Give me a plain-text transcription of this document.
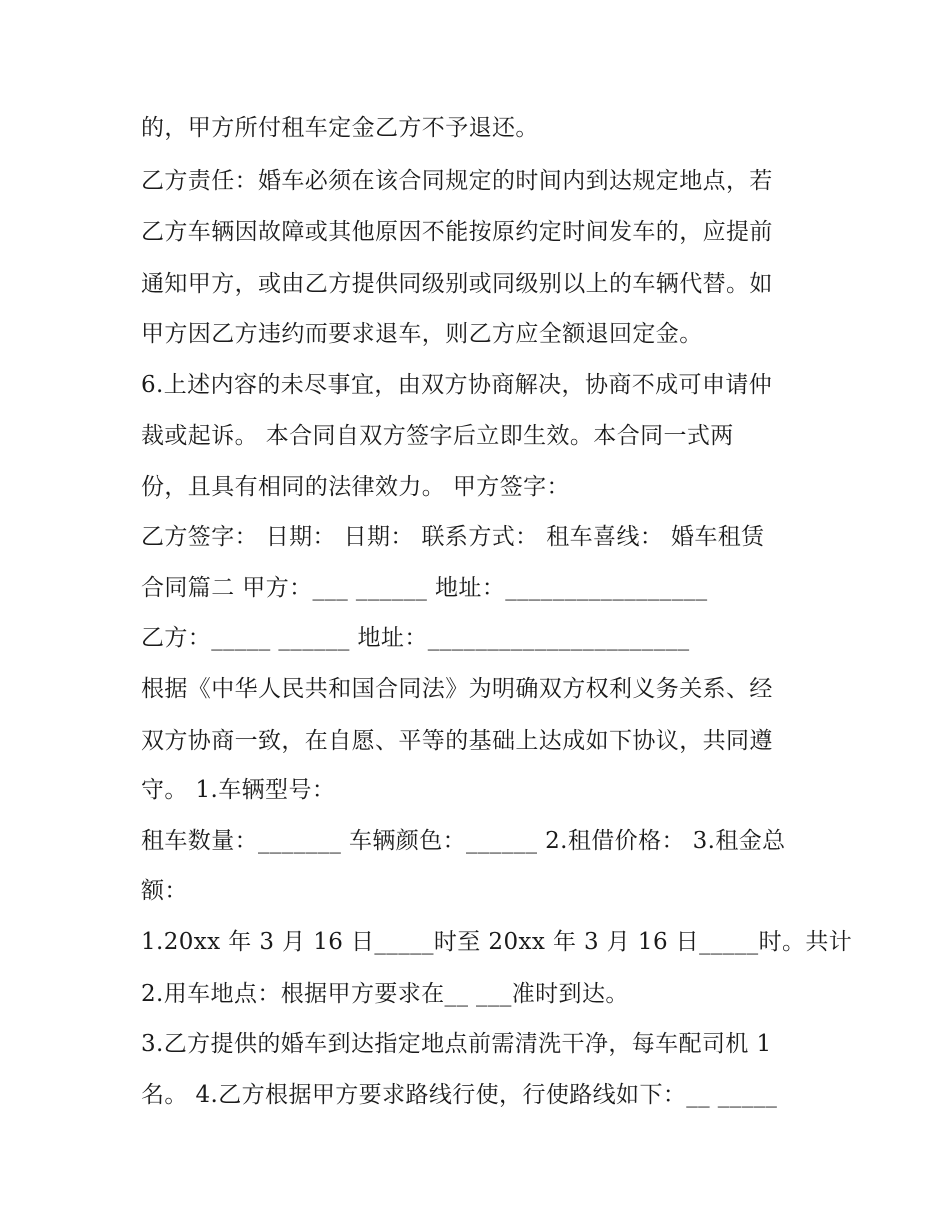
的，甲方所付租车定金乙方不予退还。
乙方责任：婚车必须在该合同规定的时间内到达规定地点，若
乙方车辆因故障或其他原因不能按原约定时间发车的，应提前
通知甲方，或由乙方提供同级别或同级别以上的车辆代替。如
甲方因乙方违约而要求退车，则乙方应全额退回定金。
6.上述内容的未尽事宜，由双方协商解决，协商不成可申请仲
裁或起诉。 本合同自双方签字后立即生效。本合同一式两
份，且具有相同的法律效力。 甲方签字：
乙方签字： 日期： 日期： 联系方式： 租车喜线： 婚车租赁
合同篇二 甲方：___ ______ 地址：_________________
乙方：_____ ______ 地址：______________________
根据《中华人民共和国合同法》为明确双方权利义务关系、经
双方协商一致，在自愿、平等的基础上达成如下协议，共同遵
守。 1.车辆型号：
租车数量：_______ 车辆颜色：______ 2.租借价格： 3.租金总
额：
1.20xx 年 3 月 16 日_____时至 20xx 年 3 月 16 日_____时。共计
2.用车地点：根据甲方要求在__ ___准时到达。
3.乙方提供的婚车到达指定地点前需清洗干净，每车配司机 1
名。 4.乙方根据甲方要求路线行使，行使路线如下：__ _____
